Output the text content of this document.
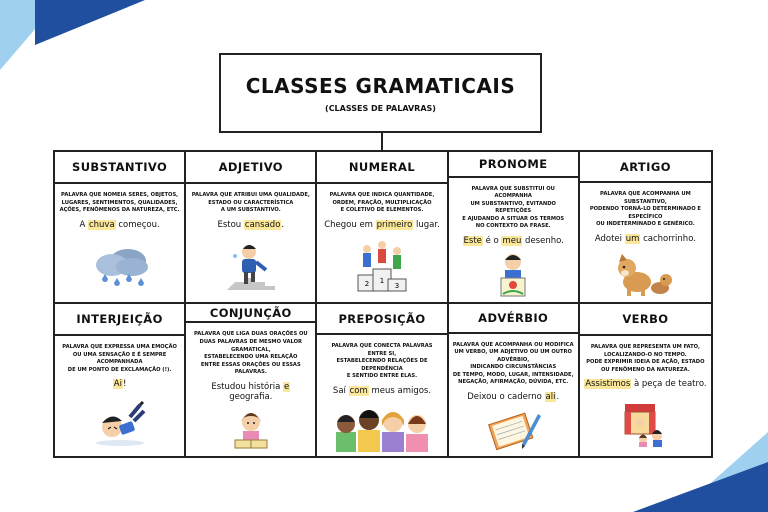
CLASSES GRAMATICAIS
(CLASSES DE PALAVRAS)
SUBSTANTIVO
PALAVRA QUE NOMEIA SERES, OBJETOS,
LUGARES, SENTIMENTOS, QUALIDADES,
AÇÕES, FENÔMENOS DA NATUREZA, ETC.
A chuva começou.
ADJETIVO
PALAVRA QUE ATRIBUI UMA QUALIDADE,
ESTADO OU CARACTERÍSTICA
A UM SUBSTANTIVO.
Estou cansado.
NUMERAL
PALAVRA QUE INDICA QUANTIDADE,
ORDEM, FRAÇÃO, MULTIPLICAÇÃO
E COLETIVO DE ELEMENTOS.
Chegou em primeiro lugar.
2 1
3
PRONOME
PALAVRA QUE SUBSTITUI OU ACOMPANHA
UM SUBSTANTIVO, EVITANDO REPETIÇÕES
E AJUDANDO A SITUAR OS TERMOS
NO CONTEXTO DA FRASE.
Este é o meu desenho.
ARTIGO
PALAVRA QUE ACOMPANHA UM SUBSTANTIVO,
PODENDO TORNÁ-LO DETERMINADO E ESPECÍFICO
OU INDETERMINADO E GENÉRICO.
Adotei um cachorrinho.
INTERJEIÇÃO
PALAVRA QUE EXPRESSA UMA EMOÇÃO
OU UMA SENSAÇÃO E É SEMPRE ACOMPANHADA
DE UM PONTO DE EXCLAMAÇÃO (!).
Ai!
CONJUNÇÃO
PALAVRA QUE LIGA DUAS ORAÇÕES OU
DUAS PALAVRAS DE MESMO VALOR GRAMATICAL,
ESTABELECENDO UMA RELAÇÃO
ENTRE ESSAS ORAÇÕES OU ESSAS PALAVRAS.
Estudou história e geografia.
PREPOSIÇÃO
PALAVRA QUE CONECTA PALAVRAS ENTRE SI,
ESTABELECENDO RELAÇÕES DE DEPENDÊNCIA
E SENTIDO ENTRE ELAS.
Saí com meus amigos.
ADVÉRBIO
PALAVRA QUE ACOMPANHA OU MODIFICA
UM VERBO, UM ADJETIVO OU UM OUTRO ADVÉRBIO,
INDICANDO CIRCUNSTÂNCIAS
DE TEMPO, MODO, LUGAR, INTENSIDADE,
NEGAÇÃO, AFIRMAÇÃO, DÚVIDA, ETC.
Deixou o caderno ali.
VERBO
PALAVRA QUE REPRESENTA UM FATO,
LOCALIZANDO-O NO TEMPO.
PODE EXPRIMIR IDEIA DE AÇÃO, ESTADO
OU FENÔMENO DA NATUREZA.
Assistimos à peça de teatro.
